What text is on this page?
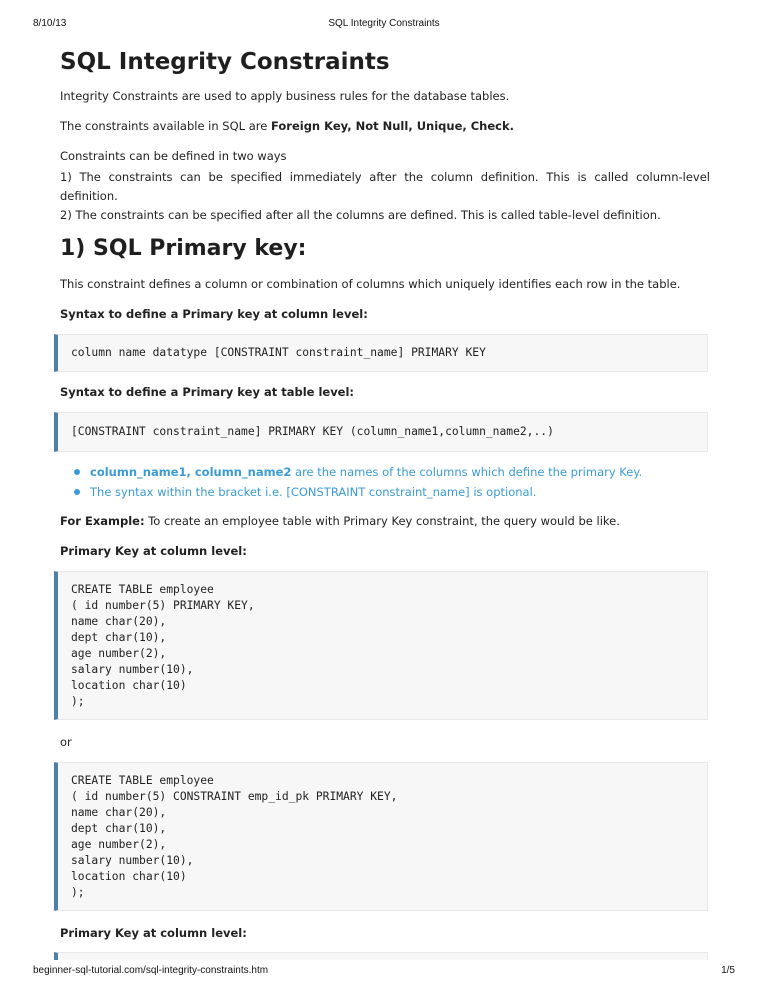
8/10/13	SQL Integrity Constraints
SQL Integrity Constraints

Integrity Constraints are used to apply business rules for the database tables.

The constraints available in SQL are Foreign Key, Not Null, Unique, Check.

Constraints can be defined in two ways

1) The constraints can be specified immediately after the column definition. This is called column-level

definition.

2) The constraints can be specified after all the columns are defined. This is called table-level definition.

1) SQL Primary key:

This constraint defines a column or combination of columns which uniquely identifies each row in the table.

Syntax to define a Primary key at column level:

column name datatype [CONSTRAINT constraint_name] PRIMARY KEY

Syntax to define a Primary key at table level:

[CONSTRAINT constraint_name] PRIMARY KEY (column_name1,column_name2,..)
column_name1, column_name2 are the names of the columns which define the primary Key.
The syntax within the bracket i.e. [CONSTRAINT constraint_name] is optional.

For Example: To create an employee table with Primary Key constraint, the query would be like.

Primary Key at column level:

CREATE TABLE employee
( id number(5) PRIMARY KEY,
name char(20),
dept char(10),
age number(2),
salary number(10),
location char(10)
);

or

CREATE TABLE employee
( id number(5) CONSTRAINT emp_id_pk PRIMARY KEY,
name char(20),
dept char(10),
age number(2),
salary number(10),
location char(10)
);

Primary Key at column level:

beginner-sql-tutorial.com/sql-integrity-constraints.htm	1/5
